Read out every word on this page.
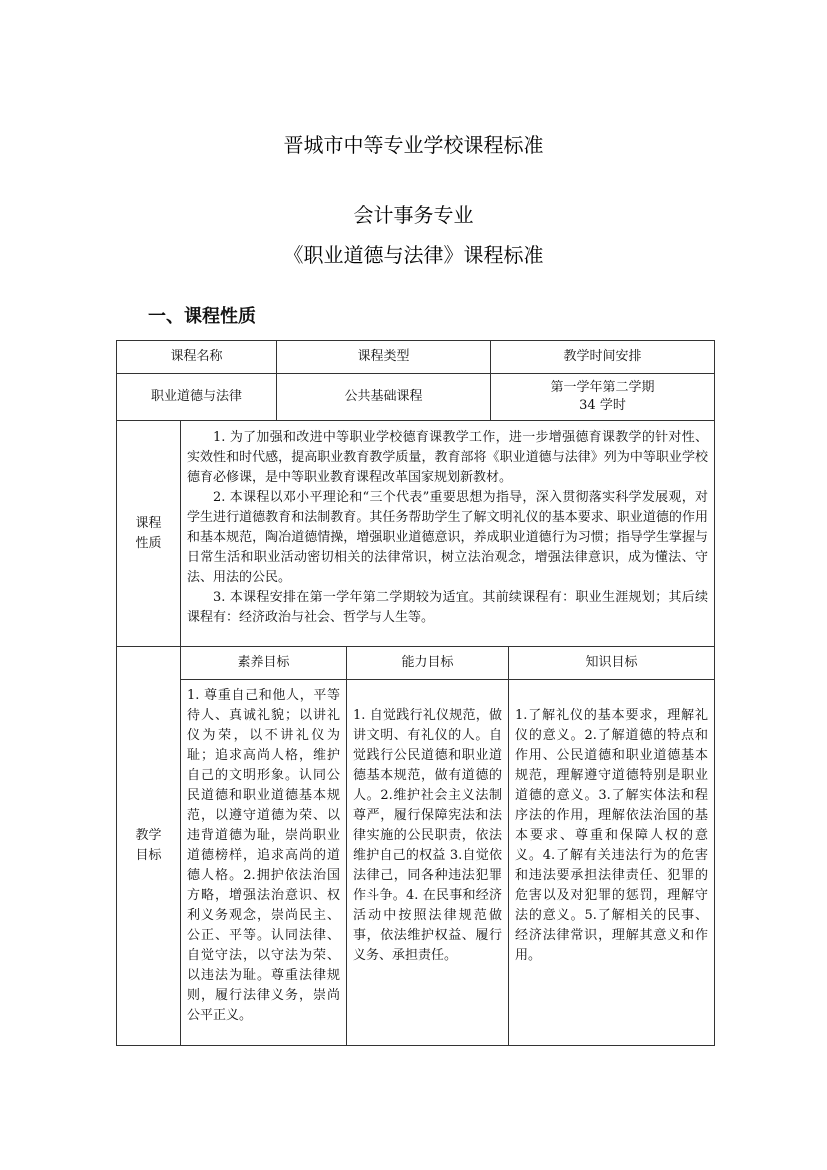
晋城市中等专业学校课程标准
会计事务专业
《职业道德与法律》课程标准
一、课程性质
课程名称	课程类型	教学时间安排
职业道德与法律	公共基础课程	第一学年第二学期
34 学时
课程
性质

1. 为了加强和改进中等职业学校德育课教学工作，进一步增强德育课教学的针对性、实效性和时代感，提高职业教育教学质量，教育部将《职业道德与法律》列为中等职业学校德育必修课，是中等职业教育课程改革国家规划新教材。

2. 本课程以邓小平理论和“三个代表”重要思想为指导，深入贯彻落实科学发展观，对学生进行道德教育和法制教育。其任务帮助学生了解文明礼仪的基本要求、职业道德的作用和基本规范，陶冶道德情操，增强职业道德意识，养成职业道德行为习惯；指导学生掌握与日常生活和职业活动密切相关的法律常识，树立法治观念，增强法律意识，成为懂法、守法、用法的公民。

3. 本课程安排在第一学年第二学期较为适宜。其前续课程有：职业生涯规划；其后续课程有：经济政治与社会、哲学与人生等。

教学
目标	素养目标	能力目标	知识目标
	1. 尊重自己和他人，平等待人、真诚礼貌；以讲礼仪为荣，以不讲礼仪为耻；追求高尚人格，维护自己的文明形象。认同公民道德和职业道德基本规范，以遵守道德为荣、以违背道德为耻，崇尚职业道德榜样，追求高尚的道德人格。2.拥护依法治国方略，增强法治意识、权利义务观念，崇尚民主、公正、平等。认同法律、自觉守法，以守法为荣、以违法为耻。尊重法律规则，履行法律义务，崇尚公平正义。	1. 自觉践行礼仪规范，做讲文明、有礼仪的人。自觉践行公民道德和职业道德基本规范，做有道德的人。2.维护社会主义法制尊严，履行保障宪法和法律实施的公民职责，依法维护自己的权益 3.自觉依法律己，同各种违法犯罪作斗争。4. 在民事和经济活动中按照法律规范做事，依法维护权益、履行义务、承担责任。	1.了解礼仪的基本要求，理解礼仪的意义。2.了解道德的特点和作用、公民道德和职业道德基本规范，理解遵守道德特别是职业道德的意义。3.了解实体法和程序法的作用，理解依法治国的基本要求、尊重和保障人权的意义。4.了解有关违法行为的危害和违法要承担法律责任、犯罪的危害以及对犯罪的惩罚，理解守法的意义。5.了解相关的民事、经济法律常识，理解其意义和作用。
